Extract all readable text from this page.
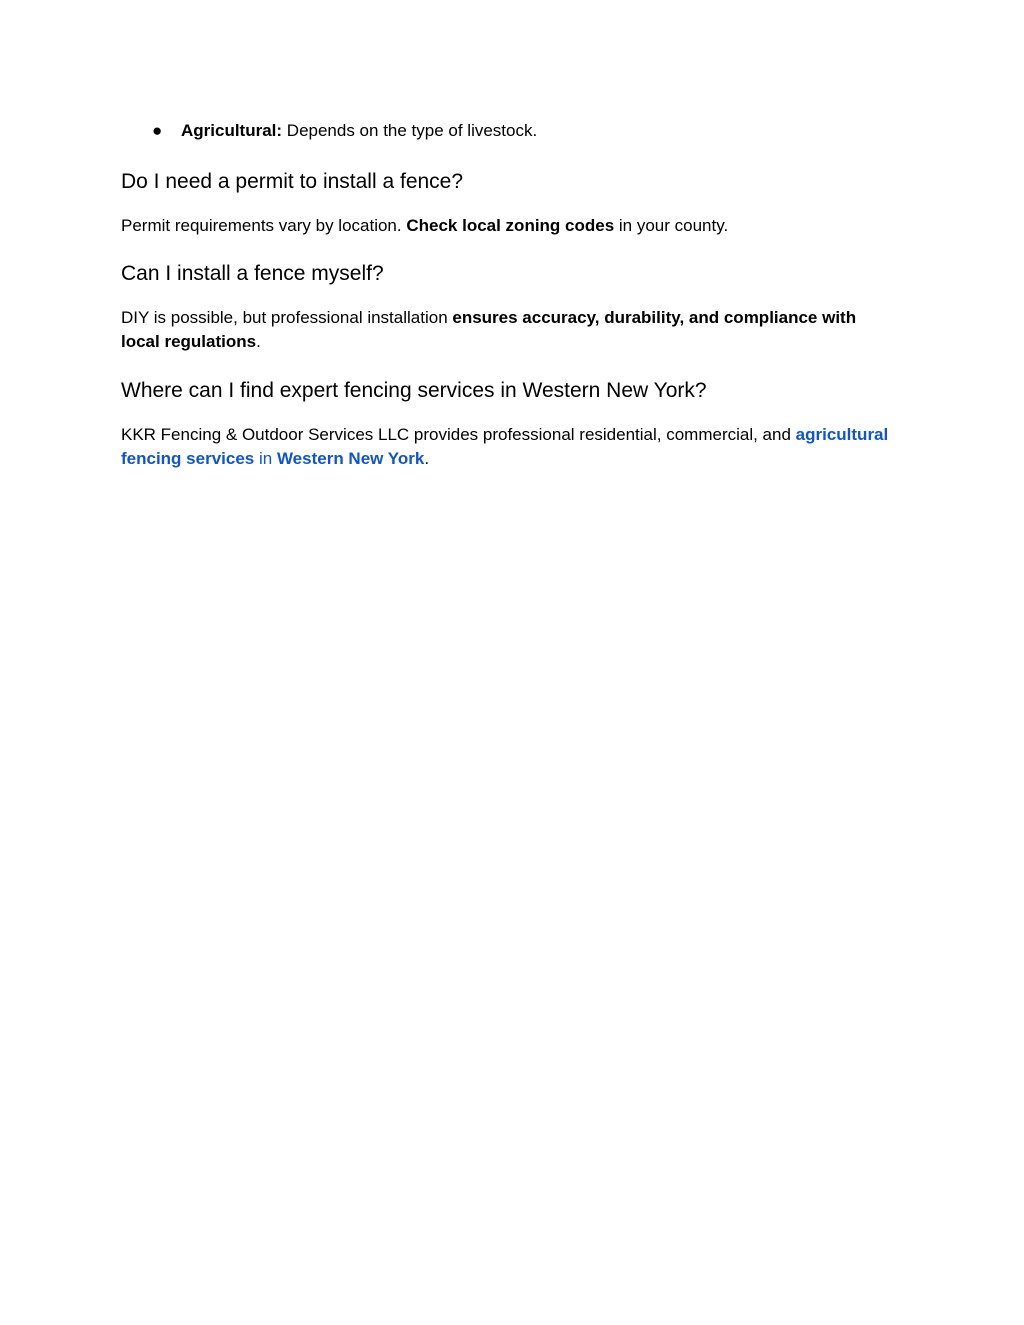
● Agricultural: Depends on the type of livestock.
Do I need a permit to install a fence?

Permit requirements vary by location. Check local zoning codes in your county.

Can I install a fence myself?

DIY is possible, but professional installation ensures accuracy, durability, and compliance with local regulations.

Where can I find expert fencing services in Western New York?

KKR Fencing & Outdoor Services LLC provides professional residential, commercial, and agricultural fencing services in Western New York.
